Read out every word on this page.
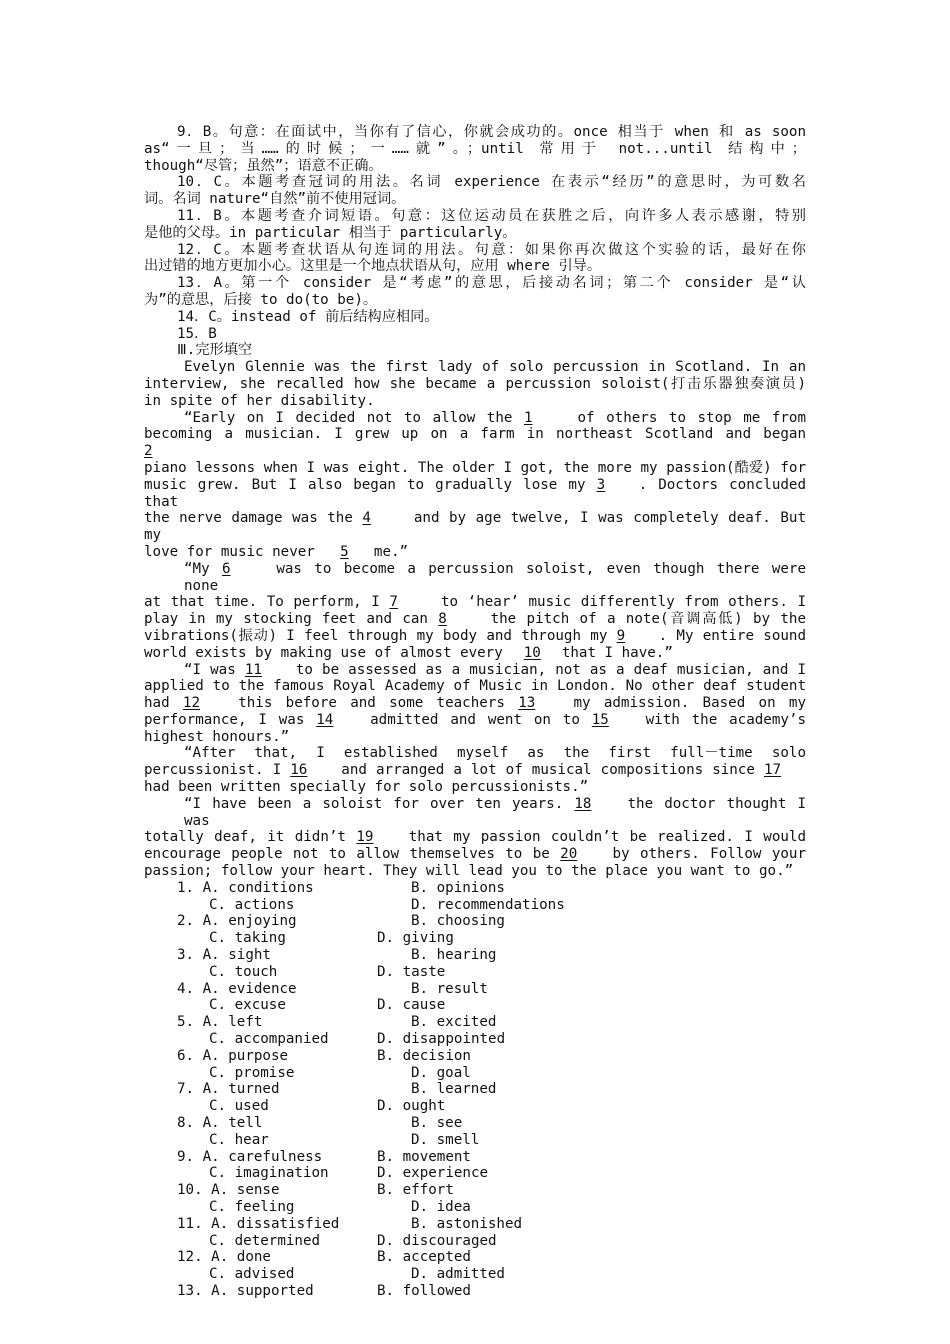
9．B。句意：在面试中，当你有了信心，你就会成功的。once 相当于 when 和 as soon
as“一旦；当……的时候；一……就”。；until 常用于 not...until 结构中；
though“尽管；虽然”；语意不正确。
10．C。本题考查冠词的用法。名词 experience 在表示“经历”的意思时，为可数名
词。名词 nature“自然”前不使用冠词。
11．B。本题考查介词短语。句意：这位运动员在获胜之后，向许多人表示感谢，特别
是他的父母。in particular 相当于 particularly。
12．C。本题考查状语从句连词的用法。句意：如果你再次做这个实验的话，最好在你
出过错的地方更加小心。这里是一个地点状语从句，应用 where 引导。
13．A。第一个 consider 是“考虑”的意思，后接动名词；第二个 consider 是“认
为”的意思，后接 to do(to be)。
14．C。instead of 前后结构应相同。
15．B
Ⅲ.完形填空
Evelyn Glennie was the first lady of solo percussion in Scotland. In an
interview, she recalled how she became a percussion soloist(打击乐器独奏演员)
in spite of her disability.
“Early on I decided not to allow the 1 of others to stop me from
becoming a musician. I grew up on a farm in northeast Scotland and began 2
piano lessons when I was eight. The older I got, the more my passion(酷爱) for
music grew. But I also began to gradually lose my 3 . Doctors concluded that
the nerve damage was the 4 and by age twelve, I was completely deaf. But my
love for music never 5 me.”
“My 6 was to become a percussion soloist, even though there were none
at that time. To perform, I 7 to ‘hear’ music differently from others. I
play in my stocking feet and can 8 the pitch of a note(音调高低) by the
vibrations(振动) I feel through my body and through my 9 . My entire sound
world exists by making use of almost every 10 that I have.”
“I was 11 to be assessed as a musician, not as a deaf musician, and I
applied to the famous Royal Academy of Music in London. No other deaf student
had 12 this before and some teachers 13 my admission. Based on my
performance, I was 14 admitted and went on to 15 with the academy’s
highest honours.”
“After that, I established myself as the first full－time solo
percussionist. I 16 and arranged a lot of musical compositions since 17
had been written specially for solo percussionists.”
“I have been a soloist for over ten years. 18 the doctor thought I was
totally deaf, it didn’t 19 that my passion couldn’t be realized. I would
encourage people not to allow themselves to be 20 by others. Follow your
passion; follow your heart. They will lead you to the place you want to go.”
1. A. conditions	B. opinions
C. actions	D. recommendations
2. A. enjoying	B. choosing
C. taking	D. giving
3. A. sight	B. hearing
C. touch	D. taste
4. A. evidence	B. result
C. excuse	D. cause
5. A. left	B. excited
C. accompanied	D. disappointed
6. A. purpose	B. decision
C. promise	D. goal
7. A. turned	B. learned
C. used	D. ought
8. A. tell	B. see
C. hear	D. smell
9. A. carefulness	B. movement
C. imagination	D. experience
10. A. sense	B. effort
C. feeling	D. idea
11. A. dissatisfied	B. astonished
C. determined	D. discouraged
12. A. done	B. accepted
C. advised	D. admitted
13. A. supported	B. followed
